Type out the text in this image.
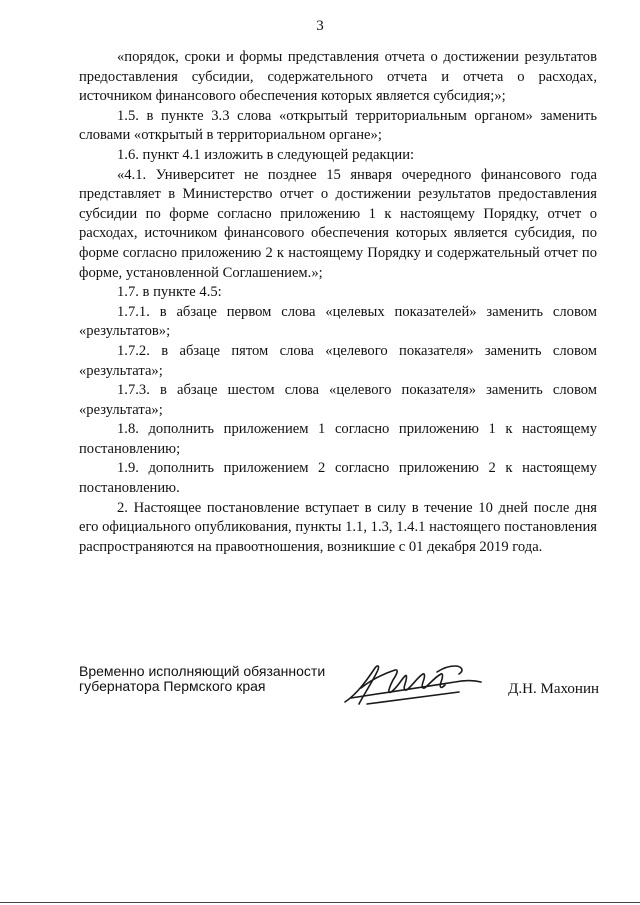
3

«порядок, сроки и формы представления отчета о достижении результатов предоставления субсидии, содержательного отчета и отчета о расходах, источником финансового обеспечения которых является субсидия;»;

1.5. в пункте 3.3 слова «открытый территориальным органом» заменить словами «открытый в территориальном органе»;

1.6. пункт 4.1 изложить в следующей редакции:

«4.1. Университет не позднее 15 января очередного финансового года представляет в Министерство отчет о достижении результатов предоставления субсидии по форме согласно приложению 1 к настоящему Порядку, отчет о расходах, источником финансового обеспечения которых является субсидия, по форме согласно приложению 2 к настоящему Порядку и содержательный отчет по форме, установленной Соглашением.»;

1.7. в пункте 4.5:

1.7.1. в абзаце первом слова «целевых показателей» заменить словом «результатов»;

1.7.2. в абзаце пятом слова «целевого показателя» заменить словом «результата»;

1.7.3. в абзаце шестом слова «целевого показателя» заменить словом «результата»;

1.8. дополнить приложением 1 согласно приложению 1 к настоящему постановлению;

1.9. дополнить приложением 2 согласно приложению 2 к настоящему постановлению.

2. Настоящее постановление вступает в силу в течение 10 дней после дня его официального опубликования, пункты 1.1, 1.3, 1.4.1 настоящего постановления распространяются на правоотношения, возникшие с 01 декабря 2019 года.

Временно исполняющий обязанности
губернатора Пермского края	Д.Н. Махонин
